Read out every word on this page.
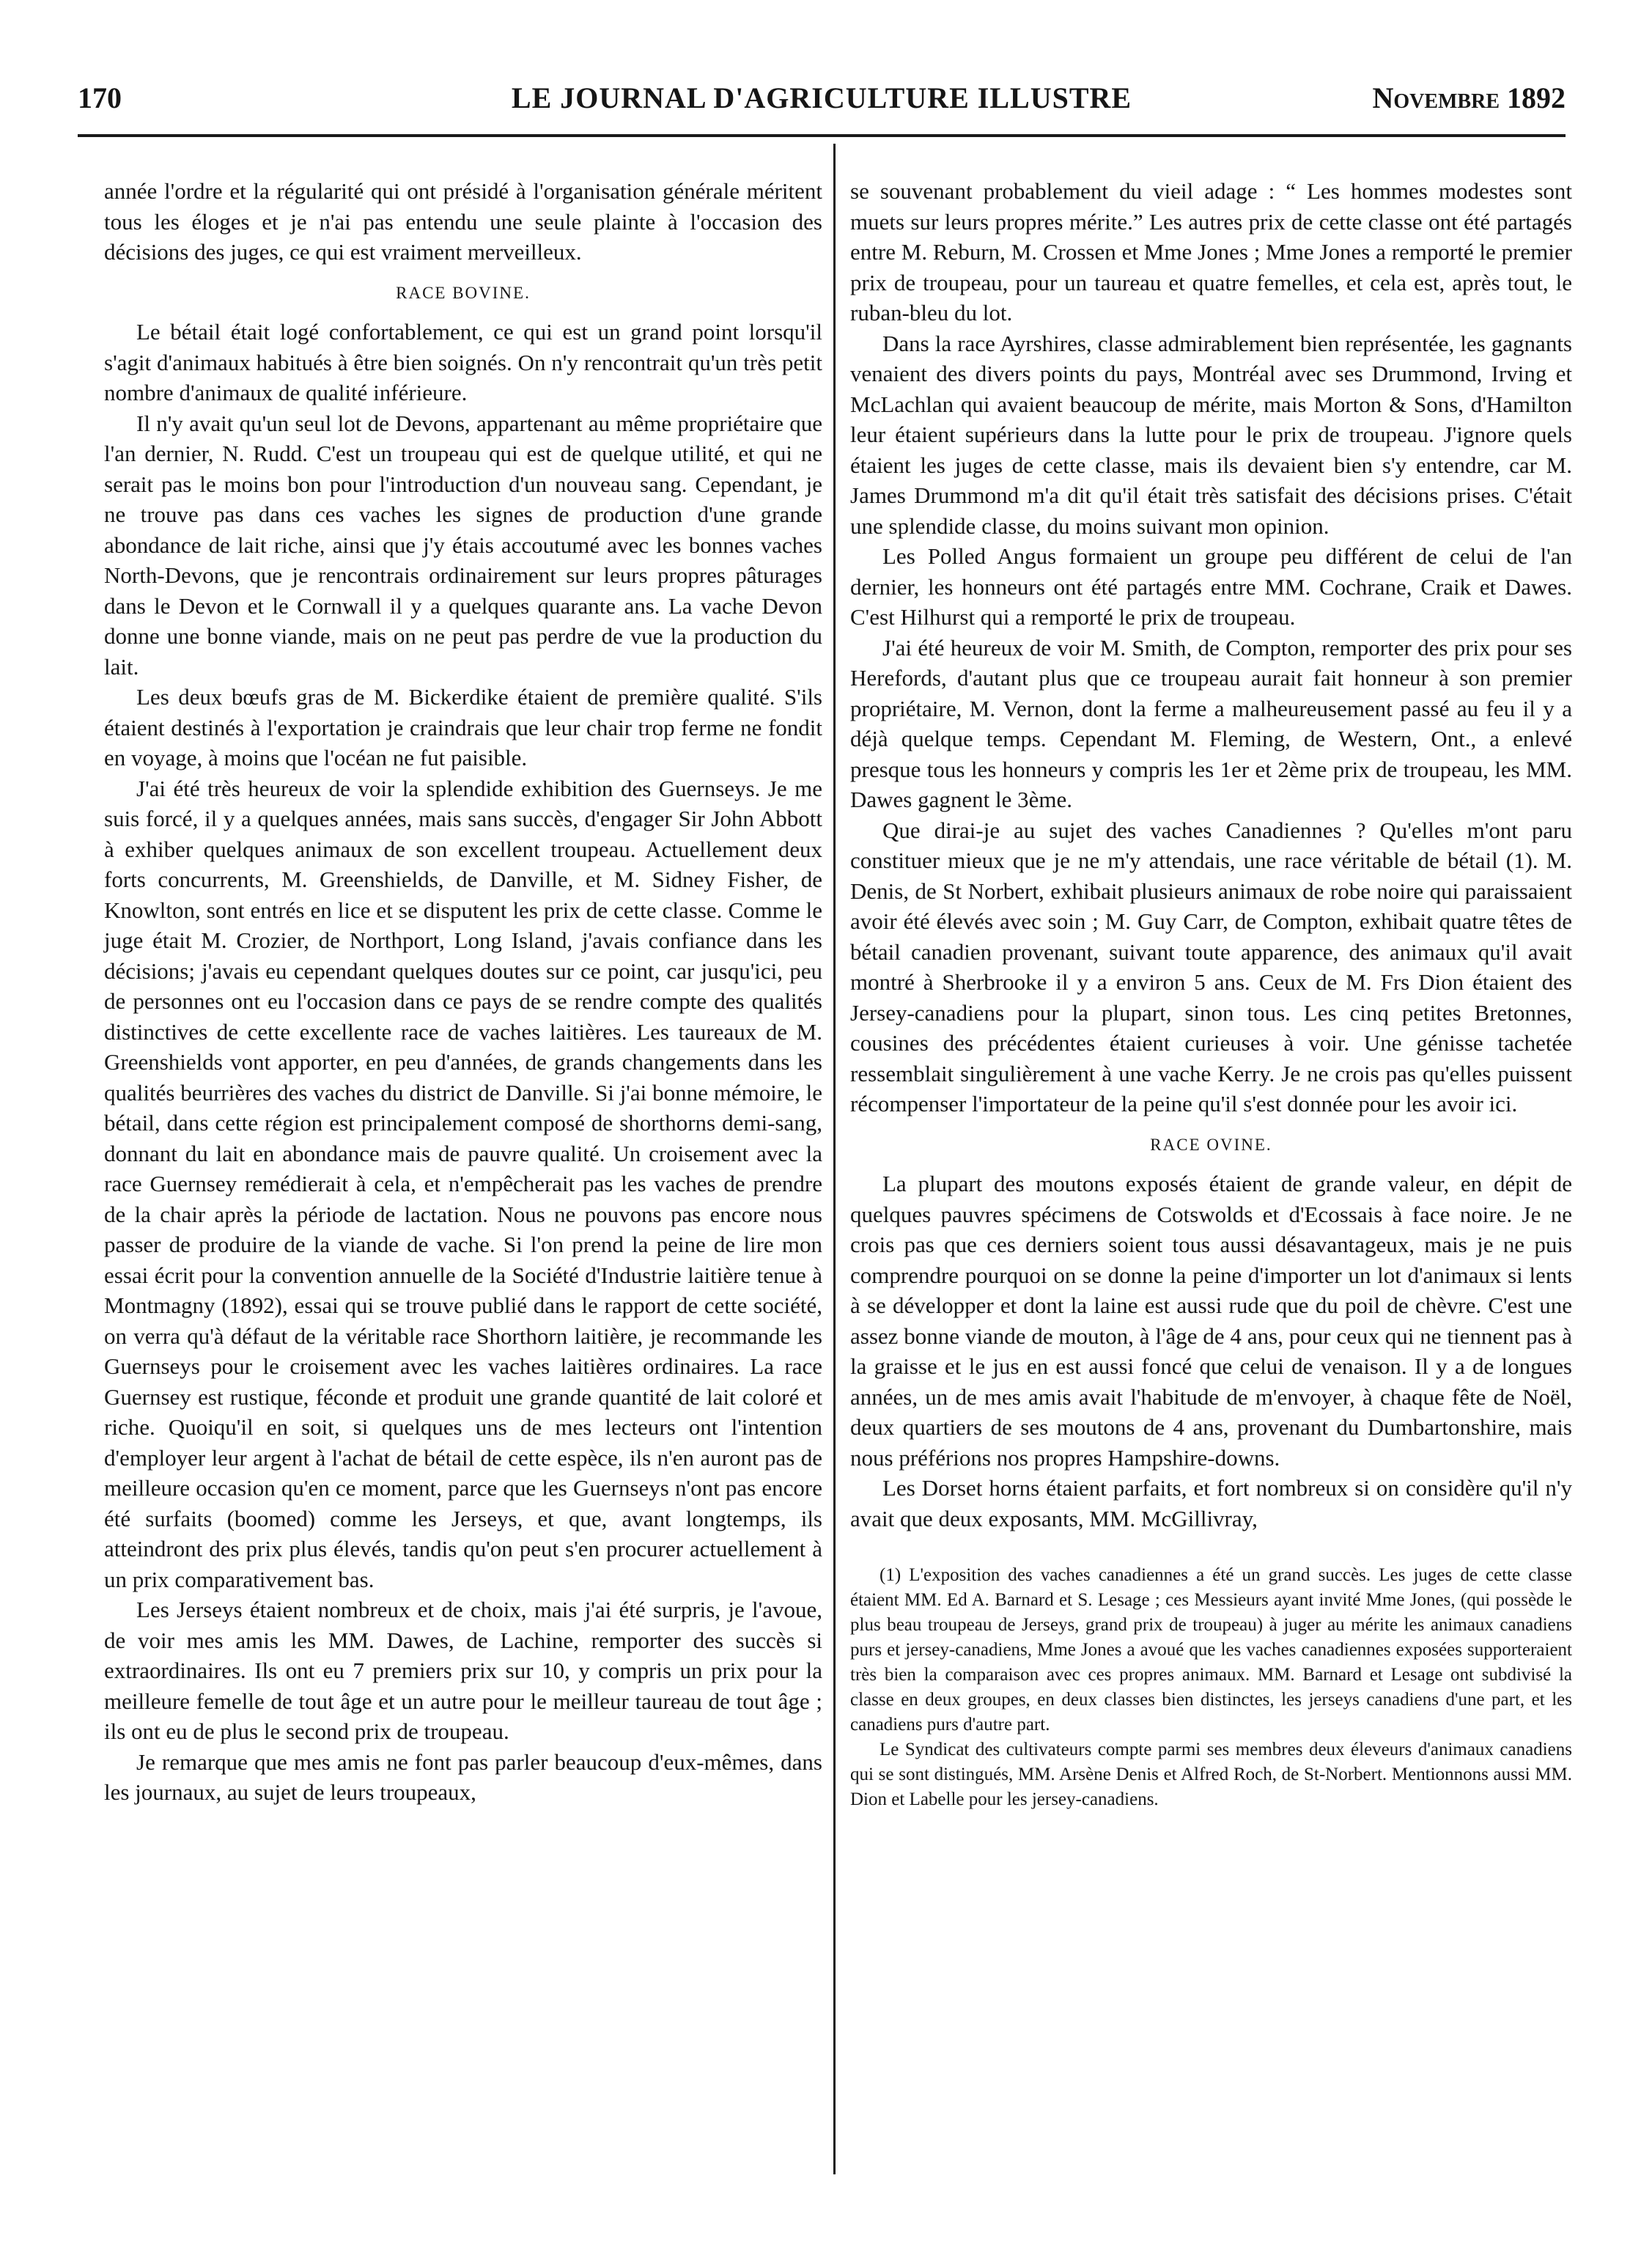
170	LE JOURNAL D'AGRICULTURE ILLUSTRE	Novembre 1892

année l'ordre et la régularité qui ont présidé à l'organisation générale méritent tous les éloges et je n'ai pas entendu une seule plainte à l'occasion des décisions des juges, ce qui est vraiment merveilleux.

RACE BOVINE.

Le bétail était logé confortablement, ce qui est un grand point lorsqu'il s'agit d'animaux habitués à être bien soignés. On n'y rencontrait qu'un très petit nombre d'animaux de qualité inférieure.

Il n'y avait qu'un seul lot de Devons, appartenant au même propriétaire que l'an dernier, N. Rudd. C'est un troupeau qui est de quelque utilité, et qui ne serait pas le moins bon pour l'introduction d'un nouveau sang. Cependant, je ne trouve pas dans ces vaches les signes de production d'une grande abondance de lait riche, ainsi que j'y étais accoutumé avec les bonnes vaches North-Devons, que je rencontrais ordinairement sur leurs propres pâturages dans le Devon et le Cornwall il y a quelques quarante ans. La vache Devon donne une bonne viande, mais on ne peut pas perdre de vue la production du lait.

Les deux bœufs gras de M. Bickerdike étaient de première qualité. S'ils étaient destinés à l'exportation je craindrais que leur chair trop ferme ne fondit en voyage, à moins que l'océan ne fut paisible.

J'ai été très heureux de voir la splendide exhibition des Guernseys. Je me suis forcé, il y a quelques années, mais sans succès, d'engager Sir John Abbott à exhiber quelques animaux de son excellent troupeau. Actuellement deux forts concurrents, M. Greenshields, de Danville, et M. Sidney Fisher, de Knowlton, sont entrés en lice et se disputent les prix de cette classe. Comme le juge était M. Crozier, de Northport, Long Island, j'avais confiance dans les décisions; j'avais eu cependant quelques doutes sur ce point, car jusqu'ici, peu de personnes ont eu l'occasion dans ce pays de se rendre compte des qualités distinctives de cette excellente race de vaches laitières. Les taureaux de M. Greenshields vont apporter, en peu d'années, de grands changements dans les qualités beurrières des vaches du district de Danville. Si j'ai bonne mémoire, le bétail, dans cette région est principalement composé de shorthorns demi-sang, donnant du lait en abondance mais de pauvre qualité. Un croisement avec la race Guernsey remédierait à cela, et n'empêcherait pas les vaches de prendre de la chair après la période de lactation. Nous ne pouvons pas encore nous passer de produire de la viande de vache. Si l'on prend la peine de lire mon essai écrit pour la convention annuelle de la Société d'Industrie laitière tenue à Montmagny (1892), essai qui se trouve publié dans le rapport de cette société, on verra qu'à défaut de la véritable race Shorthorn laitière, je recommande les Guernseys pour le croisement avec les vaches laitières ordinaires. La race Guernsey est rustique, féconde et produit une grande quantité de lait coloré et riche. Quoiqu'il en soit, si quelques uns de mes lecteurs ont l'intention d'employer leur argent à l'achat de bétail de cette espèce, ils n'en auront pas de meilleure occasion qu'en ce moment, parce que les Guernseys n'ont pas encore été surfaits (boomed) comme les Jerseys, et que, avant longtemps, ils atteindront des prix plus élevés, tandis qu'on peut s'en procurer actuellement à un prix comparativement bas.

Les Jerseys étaient nombreux et de choix, mais j'ai été surpris, je l'avoue, de voir mes amis les MM. Dawes, de Lachine, remporter des succès si extraordinaires. Ils ont eu 7 premiers prix sur 10, y compris un prix pour la meilleure femelle de tout âge et un autre pour le meilleur taureau de tout âge ; ils ont eu de plus le second prix de troupeau.

Je remarque que mes amis ne font pas parler beaucoup d'eux-mêmes, dans les journaux, au sujet de leurs troupeaux,

se souvenant probablement du vieil adage : “ Les hommes modestes sont muets sur leurs propres mérite.” Les autres prix de cette classe ont été partagés entre M. Reburn, M. Crossen et Mme Jones ; Mme Jones a remporté le premier prix de troupeau, pour un taureau et quatre femelles, et cela est, après tout, le ruban-bleu du lot.

Dans la race Ayrshires, classe admirablement bien représentée, les gagnants venaient des divers points du pays, Montréal avec ses Drummond, Irving et McLachlan qui avaient beaucoup de mérite, mais Morton & Sons, d'Hamilton leur étaient supérieurs dans la lutte pour le prix de troupeau. J'ignore quels étaient les juges de cette classe, mais ils devaient bien s'y entendre, car M. James Drummond m'a dit qu'il était très satisfait des décisions prises. C'était une splendide classe, du moins suivant mon opinion.

Les Polled Angus formaient un groupe peu différent de celui de l'an dernier, les honneurs ont été partagés entre MM. Cochrane, Craik et Dawes. C'est Hilhurst qui a remporté le prix de troupeau.

J'ai été heureux de voir M. Smith, de Compton, remporter des prix pour ses Herefords, d'autant plus que ce troupeau aurait fait honneur à son premier propriétaire, M. Vernon, dont la ferme a malheureusement passé au feu il y a déjà quelque temps. Cependant M. Fleming, de Western, Ont., a enlevé presque tous les honneurs y compris les 1er et 2ème prix de troupeau, les MM. Dawes gagnent le 3ème.

Que dirai-je au sujet des vaches Canadiennes ? Qu'elles m'ont paru constituer mieux que je ne m'y attendais, une race véritable de bétail (1). M. Denis, de St Norbert, exhibait plusieurs animaux de robe noire qui paraissaient avoir été élevés avec soin ; M. Guy Carr, de Compton, exhibait quatre têtes de bétail canadien provenant, suivant toute apparence, des animaux qu'il avait montré à Sherbrooke il y a environ 5 ans. Ceux de M. Frs Dion étaient des Jersey-canadiens pour la plupart, sinon tous. Les cinq petites Bretonnes, cousines des précédentes étaient curieuses à voir. Une génisse tachetée ressemblait singulièrement à une vache Kerry. Je ne crois pas qu'elles puissent récompenser l'importateur de la peine qu'il s'est donnée pour les avoir ici.

RACE OVINE.

La plupart des moutons exposés étaient de grande valeur, en dépit de quelques pauvres spécimens de Cotswolds et d'Ecossais à face noire. Je ne crois pas que ces derniers soient tous aussi désavantageux, mais je ne puis comprendre pourquoi on se donne la peine d'importer un lot d'animaux si lents à se développer et dont la laine est aussi rude que du poil de chèvre. C'est une assez bonne viande de mouton, à l'âge de 4 ans, pour ceux qui ne tiennent pas à la graisse et le jus en est aussi foncé que celui de venaison. Il y a de longues années, un de mes amis avait l'habitude de m'envoyer, à chaque fête de Noël, deux quartiers de ses moutons de 4 ans, provenant du Dumbartonshire, mais nous préférions nos propres Hampshire-downs.

Les Dorset horns étaient parfaits, et fort nombreux si on considère qu'il n'y avait que deux exposants, MM. McGillivray,

(1) L'exposition des vaches canadiennes a été un grand succès. Les juges de cette classe étaient MM. Ed A. Barnard et S. Lesage ; ces Messieurs ayant invité Mme Jones, (qui possède le plus beau troupeau de Jerseys, grand prix de troupeau) à juger au mérite les animaux canadiens purs et jersey-canadiens, Mme Jones a avoué que les vaches canadiennes exposées supporteraient très bien la comparaison avec ces propres animaux. MM. Barnard et Lesage ont subdivisé la classe en deux groupes, en deux classes bien distinctes, les jerseys canadiens d'une part, et les canadiens purs d'autre part.

Le Syndicat des cultivateurs compte parmi ses membres deux éleveurs d'animaux canadiens qui se sont distingués, MM. Arsène Denis et Alfred Roch, de St-Norbert. Mentionnons aussi MM. Dion et Labelle pour les jersey-canadiens.
